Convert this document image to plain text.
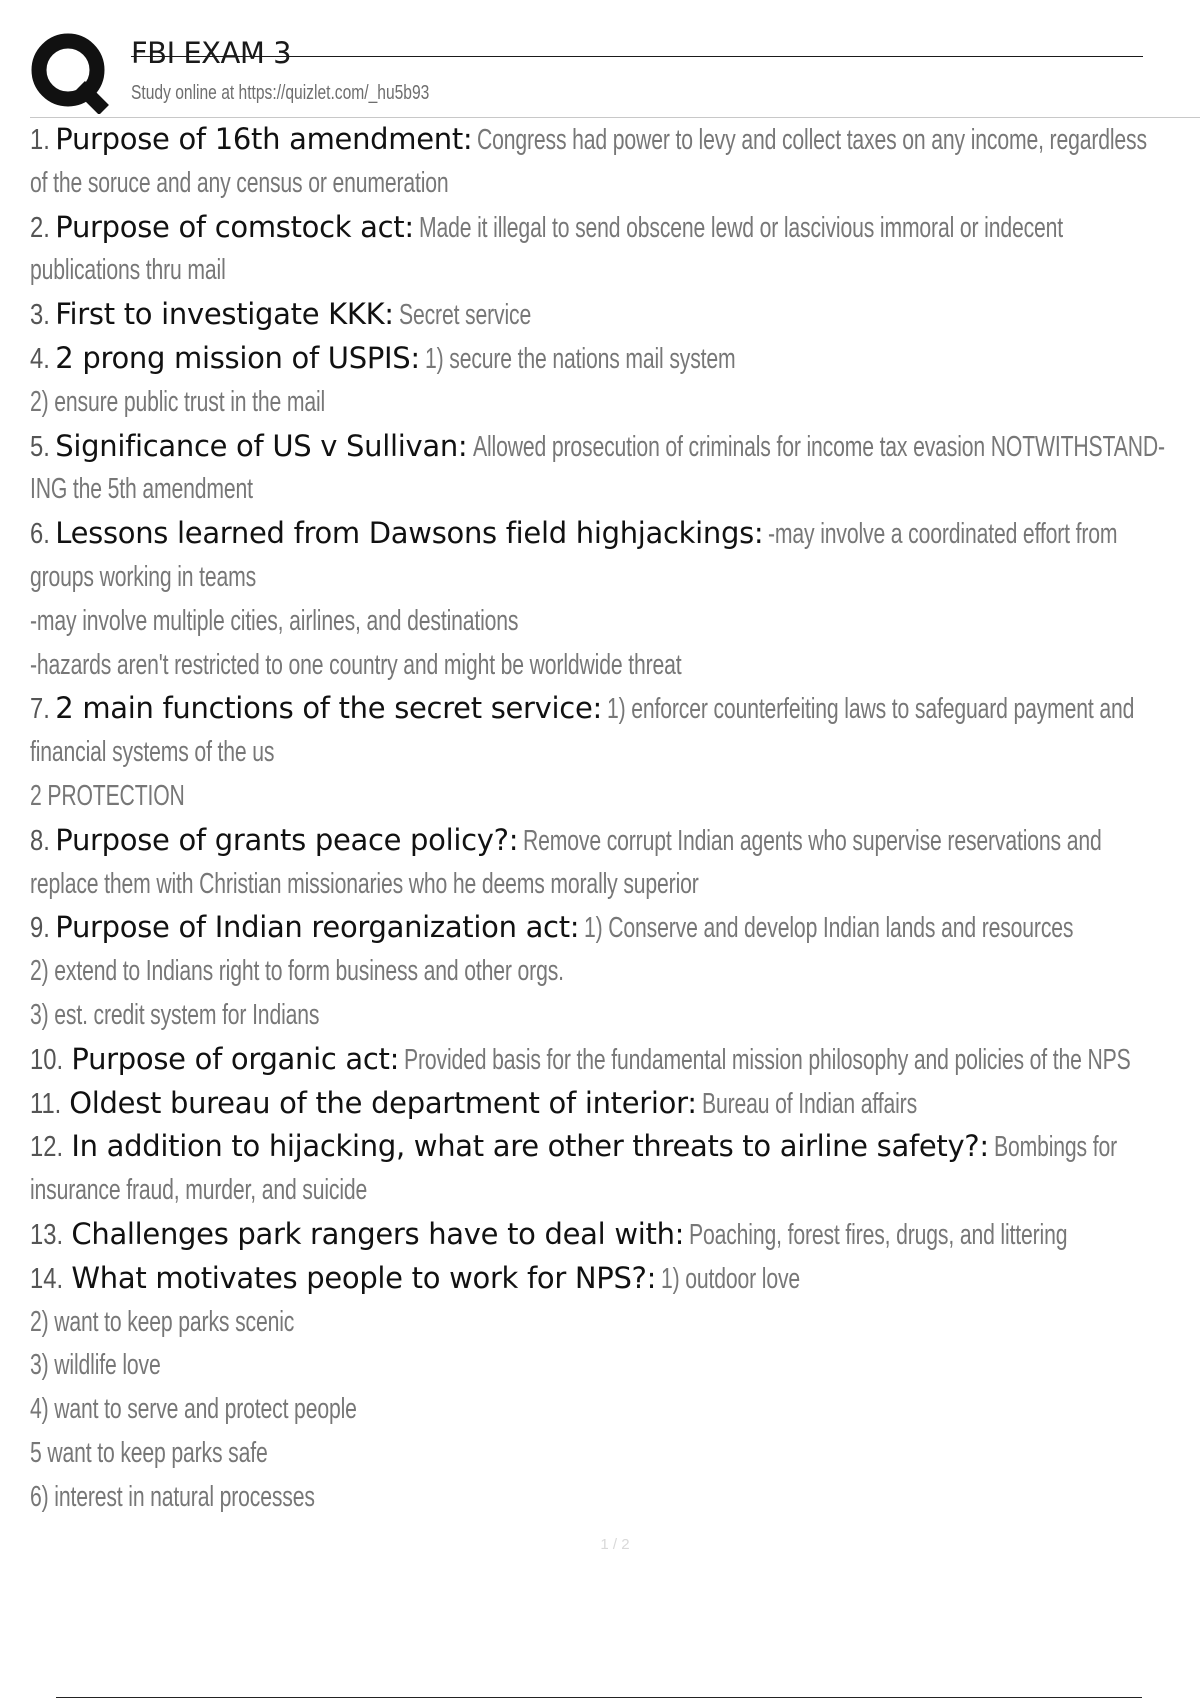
FBI EXAM 3
Study online at https://quizlet.com/_hu5b93
1. Purpose of 16th amendment: Congress had power to levy and collect taxes on any income, regardless
of the soruce and any census or enumeration
2. Purpose of comstock act: Made it illegal to send obscene lewd or lascivious immoral or indecent
publications thru mail
3. First to investigate KKK: Secret service
4. 2 prong mission of USPIS: 1) secure the nations mail system
2) ensure public trust in the mail
5. Significance of US v Sullivan: Allowed prosecution of criminals for income tax evasion NOTWITHSTAND-
ING the 5th amendment
6. Lessons learned from Dawsons field highjackings: -may involve a coordinated effort from
groups working in teams
-may involve multiple cities, airlines, and destinations
-hazards aren't restricted to one country and might be worldwide threat
7. 2 main functions of the secret service: 1) enforcer counterfeiting laws to safeguard payment and
financial systems of the us
2 PROTECTION
8. Purpose of grants peace policy?: Remove corrupt Indian agents who supervise reservations and
replace them with Christian missionaries who he deems morally superior
9. Purpose of Indian reorganization act: 1) Conserve and develop Indian lands and resources
2) extend to Indians right to form business and other orgs.
3) est. credit system for Indians
10. Purpose of organic act: Provided basis for the fundamental mission philosophy and policies of the NPS
11. Oldest bureau of the department of interior: Bureau of Indian affairs
12. In addition to hijacking, what are other threats to airline safety?: Bombings for
insurance fraud, murder, and suicide
13. Challenges park rangers have to deal with: Poaching, forest fires, drugs, and littering
14. What motivates people to work for NPS?: 1) outdoor love
2) want to keep parks scenic
3) wildlife love
4) want to serve and protect people
5 want to keep parks safe
6) interest in natural processes
1 / 2
